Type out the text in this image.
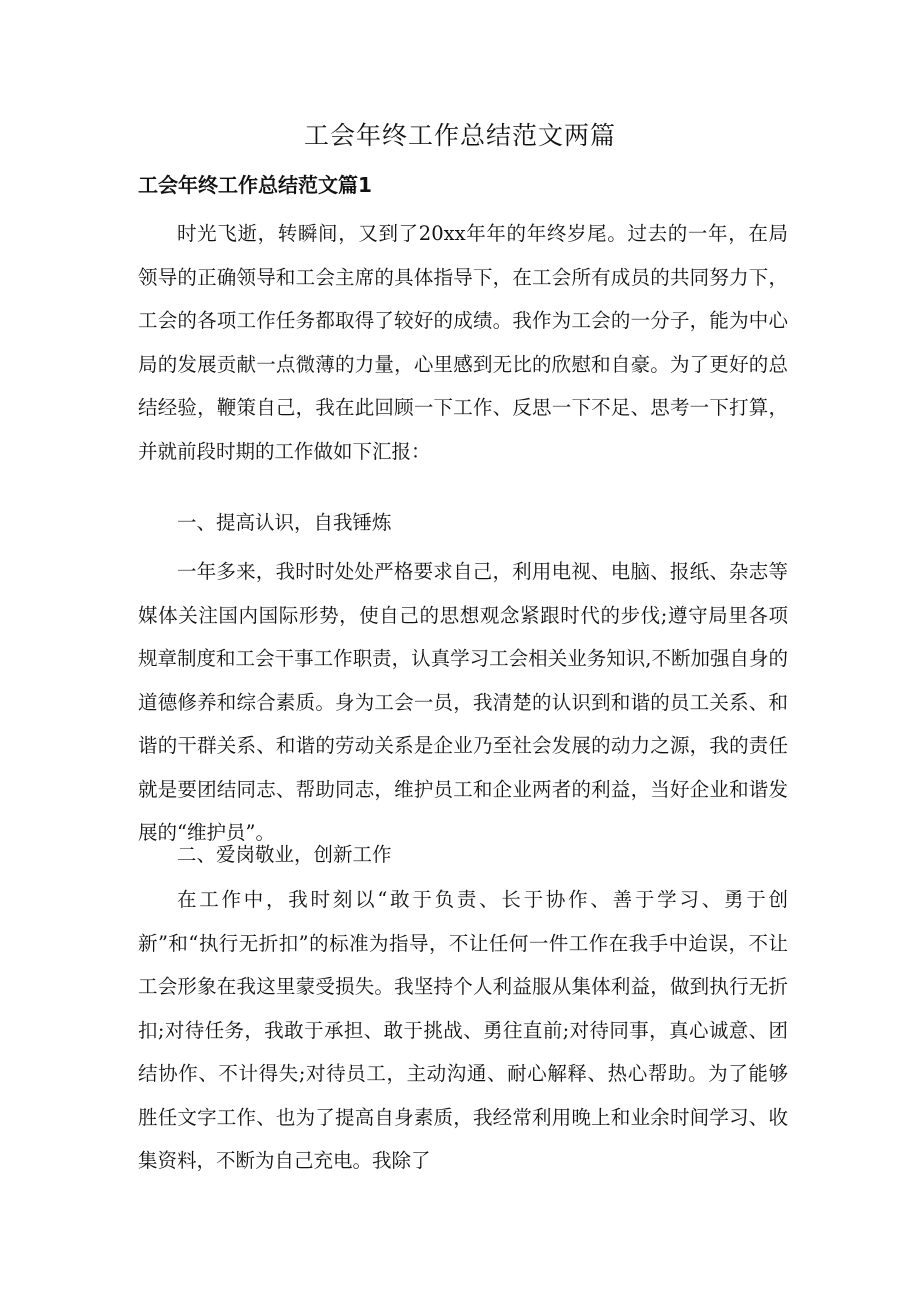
工会年终工作总结范文两篇
工会年终工作总结范文篇1

时光飞逝，转瞬间，又到了20xx年年的年终岁尾。过去的一年，在局领导的正确领导和工会主席的具体指导下，在工会所有成员的共同努力下，工会的各项工作任务都取得了较好的成绩。我作为工会的一分子，能为中心局的发展贡献一点微薄的力量，心里感到无比的欣慰和自豪。为了更好的总结经验，鞭策自己，我在此回顾一下工作、反思一下不足、思考一下打算，并就前段时期的工作做如下汇报：

一、提高认识，自我锤炼

一年多来，我时时处处严格要求自己，利用电视、电脑、报纸、杂志等媒体关注国内国际形势，使自己的思想观念紧跟时代的步伐;遵守局里各项规章制度和工会干事工作职责，认真学习工会相关业务知识,不断加强自身的道德修养和综合素质。身为工会一员，我清楚的认识到和谐的员工关系、和谐的干群关系、和谐的劳动关系是企业乃至社会发展的动力之源，我的责任就是要团结同志、帮助同志，维护员工和企业两者的利益，当好企业和谐发展的“维护员”。

二、爱岗敬业，创新工作

在工作中，我时刻以“敢于负责、长于协作、善于学习、勇于创新”和“执行无折扣”的标准为指导，不让任何一件工作在我手中迨误，不让工会形象在我这里蒙受损失。我坚持个人利益服从集体利益，做到执行无折扣;对待任务，我敢于承担、敢于挑战、勇往直前;对待同事，真心诚意、团结协作、不计得失;对待员工，主动沟通、耐心解释、热心帮助。为了能够胜任文字工作、也为了提高自身素质，我经常利用晚上和业余时间学习、收集资料，不断为自己充电。我除了
